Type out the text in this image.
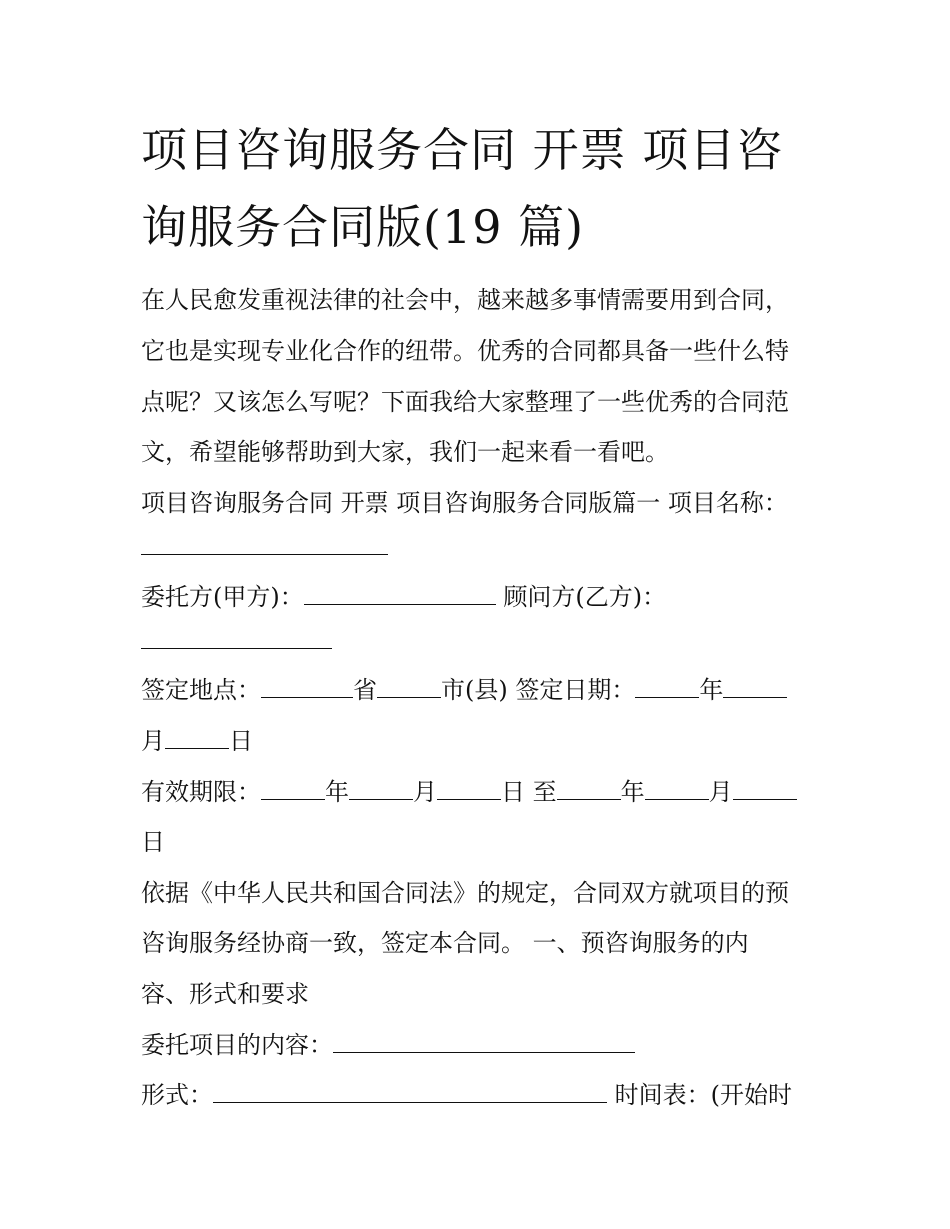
项目咨询服务合同 开票 项目咨询服务合同版(19 篇)

在人民愈发重视法律的社会中，越来越多事情需要用到合同，

它也是实现专业化合作的纽带。优秀的合同都具备一些什么特

点呢？又该怎么写呢？下面我给大家整理了一些优秀的合同范

文，希望能够帮助到大家，我们一起来看一看吧。

项目咨询服务合同 开票 项目咨询服务合同版篇一 项目名称：

委托方(甲方)：	顾问方(乙方)：

签定地点：	省	市(县) 签定日期：	年

月	日

有效期限：	年	月	日 至	年	月

日

依据《中华人民共和国合同法》的规定，合同双方就项目的预

咨询服务经协商一致，签定本合同。 一、预咨询服务的内

容、形式和要求

委托项目的内容：

形式：	时间表：(开始时
